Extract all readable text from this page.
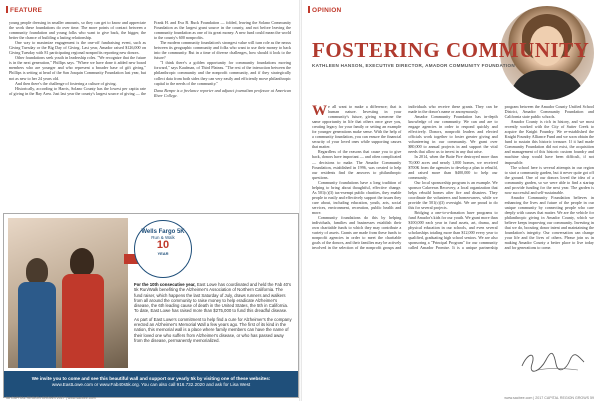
FEATURE

young people dressing in smaller amounts, so they can get to know and appreciate the work these foundations do over time. The more points of contact between a community foundation and young folks who want to give back, the bigger, the better the chance of building a lasting relationship.

One way to maximize engagement is the one-off fundraising event, such as Giving Tuesday or the Big Day of Giving. Last year, Amador raised $126,000 on Giving Tuesday with 81 participating regional nonprofits reporting new donors.

Other foundations seek youth in leadership roles. "We recognize that the future is in the next generation," Phillips says. "Where we have done it added new board members who are younger and who represent a broader base of gift giving." Phillips is setting at head of the San Joaquin Community Foundation last year, but not as new to her 24 years old.

And then there's the challenge of fostering a culture of giving.

Historically, according to Harris, Solano County has the lowest per capita rate of giving in the Bay Area. Just last year the county's largest source of giving — the Frank H. and Eva B. Buck Foundation — folded, leaving the Solano Community Foundation as the largest grant source in the county, and not before leaving the community foundation as one of its great money. A new fund could mean the world to the county's 600 nonprofits.

The modern community foundation's strongest value will turn role as the nexus between its geographic community and folks who want to use their money to back into the community. But in a time of diverse challenges, how should it look to the future?

"I think there's a golden opportunity for community foundations moving forward," says Kaufman, of Third Plateau. "The rest of the interaction between the philanthropic community and the nonprofit community, and if they strategically collect data from both sides they can very easily and efficiently move philanthropic capital to the needs of the community."

Dana Bempe is a freelance reporter and adjunct journalism professor at American River College.

Wells Fargo 5K
Run & Walk
10
YEAR

For the 10th consecutive year, East Lowe has coordinated and held the Fab 40's 5k Run/Walk benefiting the Alzheimer's Association of Northern California. The fund raiser, which happens the last Saturday of July, draws runners and walkers from all around the community to raise money to help eradicate Alzheimer's disease, the 6th leading cause of death in the United States, the 5th in California. To date, East Lowe has raised more than $275,000 to fund this dreadful disease.

As part of East Lowe's commitment to help find a cure for Alzheimer's the company erected an Alzheimer's Memorial Wall a few years ago. The first of its kind in the nation, this memorial wall is a place where family members can have the name of their loved one who suffers from Alzheimer's disease, or who has passed away from the disease, permanently memorialized.

We invite you to come and see this beautiful wall and support our yearly 5k by visiting one of these websites:
www.EastLowe.com or www.Fab40s5k.org. You can also call 916.732.2020 and ask for Lisa West
58 CAPITAL REGION GROWS 2017 | www.sacbee.com
OPINION
FOSTERING COMMUNITY
KATHLEEN HANSON, EXECUTIVE DIRECTOR, AMADOR COMMUNITY FOUNDATION

We all want to make a difference; that is human nature. Investing in your community's future, giving someone the same opportunity in life that others once gave you, creating legacy for your family or setting an example for younger generations make sense. With the help of a community foundation, you can ensure the financial security of your loved ones while supporting causes that matter.

Regardless of the reasons that cause you to give back, donors have important — and often complicated — decisions to make. The Amador Community Foundation, established in 1996, was created to help our residents find the answers to philanthropic questions.

Community foundations have a long tradition of helping to bring about thoughtful, effective change. As 501(c)(3) tax-exempt public charities, they enable people to easily and effectively support the issues they care about, including education, youth, arts, social services, environment, recreation, public health and more.

Community foundations do this by helping individuals, families and businesses establish their own charitable funds to which they may contribute a variety of assets. Grants are made from these funds to nonprofit agencies in order to meet the charitable goals of the donors, and their families may be actively involved in the selection of the nonprofit groups and individuals who receive these grants. They can be made in the donor's name or anonymously.

Amador Community Foundation has in-depth knowledge of our community. We can and are to engage agencies in order to respond quickly and effectively. Donors, nonprofit leaders and elected officials work together to foster greater giving and volunteering in our community. We grant over $80,000 to annual projects in and support the vital needs that allow us to invest in any that arise.

In 2014, when the Butte Fire destroyed more than 70,000 acres and nearly 1,000 homes, we received $700K from the agencies to develop a plan to rebuild, and raised more than $400,000 to help our community.

Our local sponsorship program is an example. We sponsor Calaveras Recovery, a local organization that helps rebuild homes after fire and disasters. They coordinate the volunteers and homeowners, while we provide the 501(c)(3) oversight. We are proud to do this for several projects.

Bridging a one-to-a-donation have programs to fund Amador's kids for our youth. We grant more than $100,000 each year in fund assets, art, drama, and physical education in our schools, and even several scholarships totaling more than $12,000 every year to qualified, graduating high school seniors. We are also sponsoring a "Principal Program" for our community called Amador Promise. It is a unique partnership program between the Amador County Unified School District, Amador Community Foundation and California state public schools.

Amador County is rich in history, and we most recently worked with the City of Sutter Creek to acquire the Knight Foundry. We re-established the Knight Foundry Alliance Fund and we soon obtain the fund to sustain this historic treasure. If it had made Community Foundation did not exist, the acquisition and management of this historic custom foundry and machine shop would have been difficult, if not impossible.

The school here is several attempts in our region to start a community garden, but it never quite got off the ground. One of our donors loved the idea of a community garden, so we were able to find a startup and provide funding for the next year. The garden is now successful and self-sustainable.

Amador Community Foundation believes in enhancing the lives and future of the people in our unique community by connecting people who care deeply with causes that matter. We are the vehicle for philanthropic giving in Amador County, which we believe keeps improving our community. Investing in that we do, boosting donor intent and maintaining the foundation's integrity. Our conversation can change your life and the lives of others. Please join us in making Amador County a better place to live today and for generations to come.

www.sacbee.com | 2017 CAPITAL REGION GROWS 59
